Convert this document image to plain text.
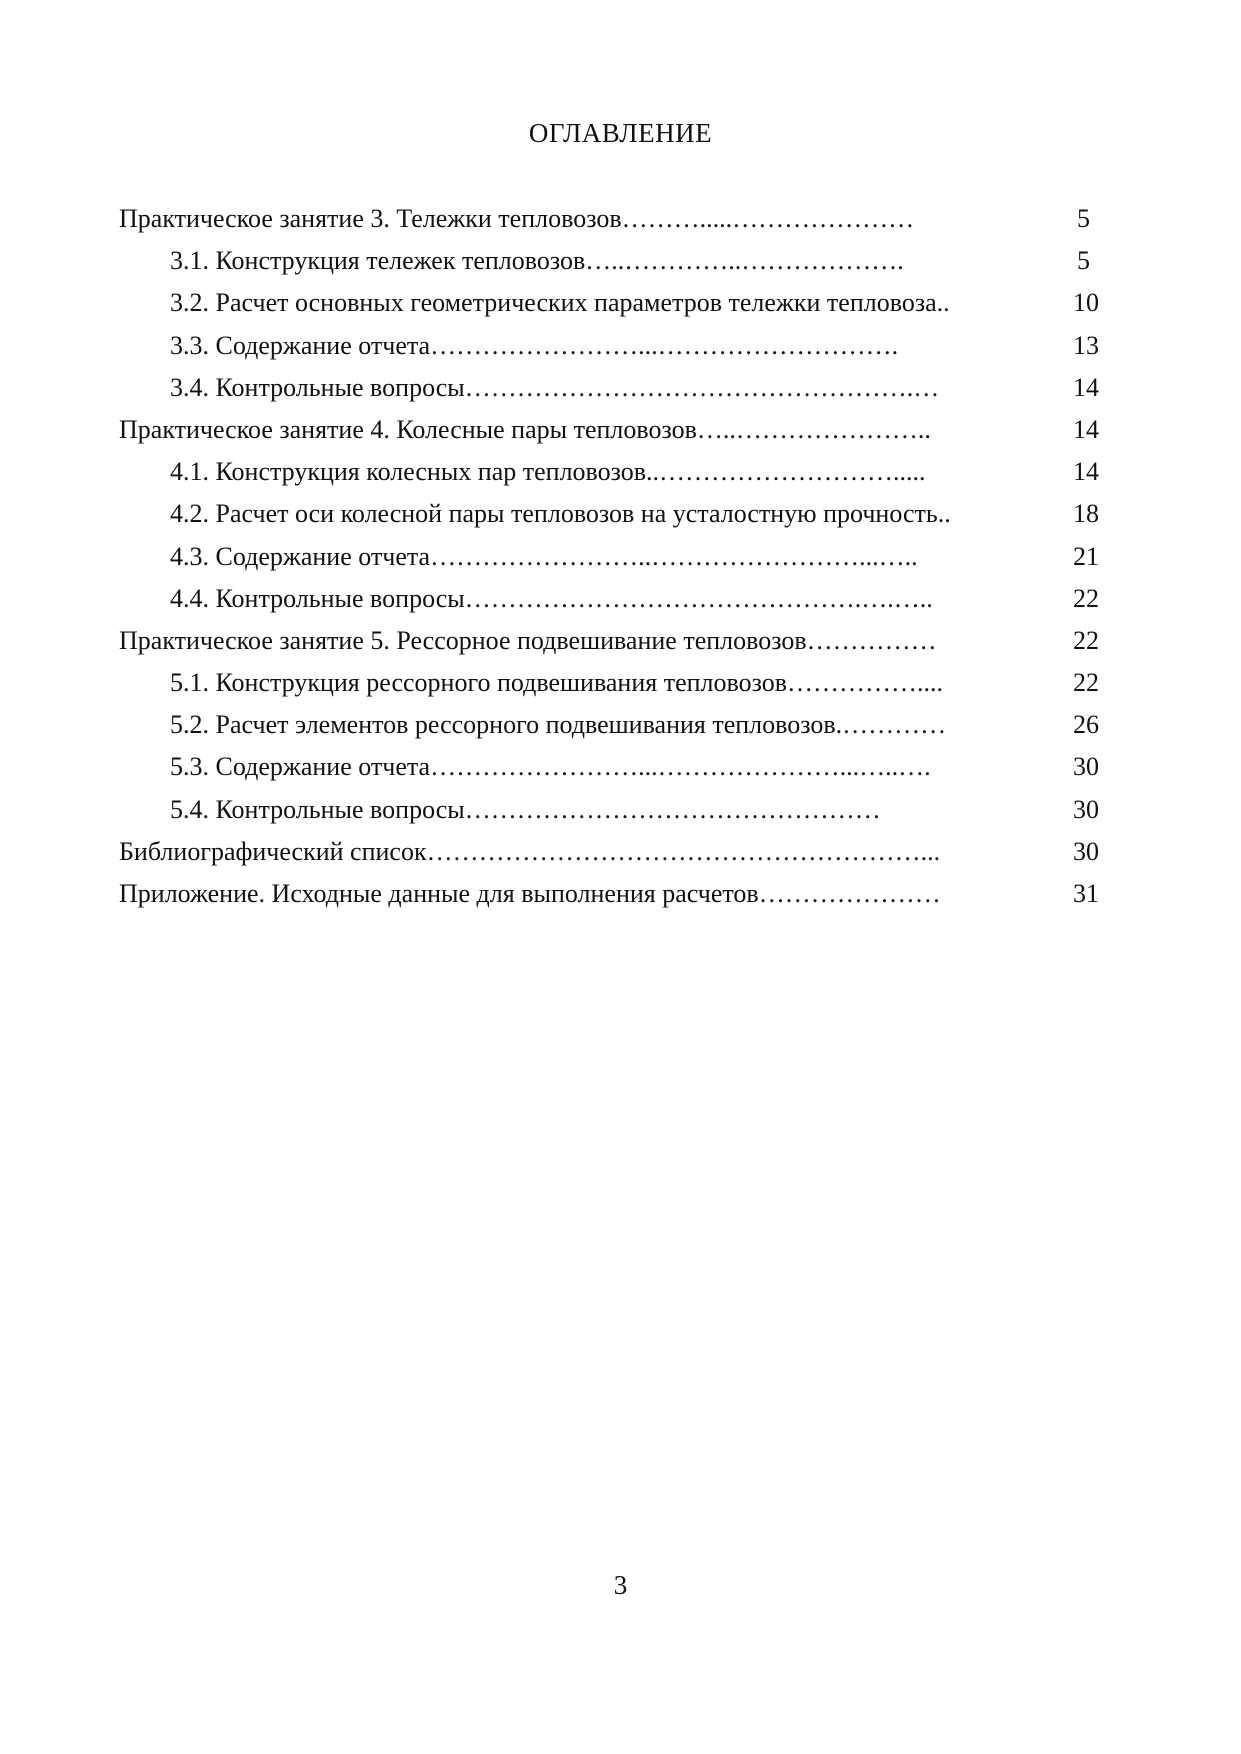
ОГЛАВЛЕНИЕ
Практическое занятие 3. Тележки тепловозов……….....…………………	5
3.1. Конструкция тележек тепловозов…..…………..……………….	5
3.2. Расчет основных геометрических параметров тележки тепловоза..	10
3.3. Содержание отчета……………………...……………………….	13
3.4. Контрольные вопросы…………………………………………….…	14
Практическое занятие 4. Колесные пары тепловозов…..…………………..	14
4.1. Конструкция колесных пар тепловозов..……………………….....	14
4.2. Расчет оси колесной пары тепловозов на усталостную прочность..	18
4.3. Содержание отчета……………………..……………………...…..	21
4.4. Контрольные вопросы……………………………………….….…..	22
Практическое занятие 5. Рессорное подвешивание тепловозов……………	22
5.1. Конструкция рессорного подвешивания тепловозов……………....	22
5.2. Расчет элементов рессорного подвешивания тепловозов.…………	26
5.3. Содержание отчета……………………...…………………...…..….	30
5.4. Контрольные вопросы…………………………………………	30
Библиографический список…………………………………………………...	30
Приложение. Исходные данные для выполнения расчетов…………………	31
3
